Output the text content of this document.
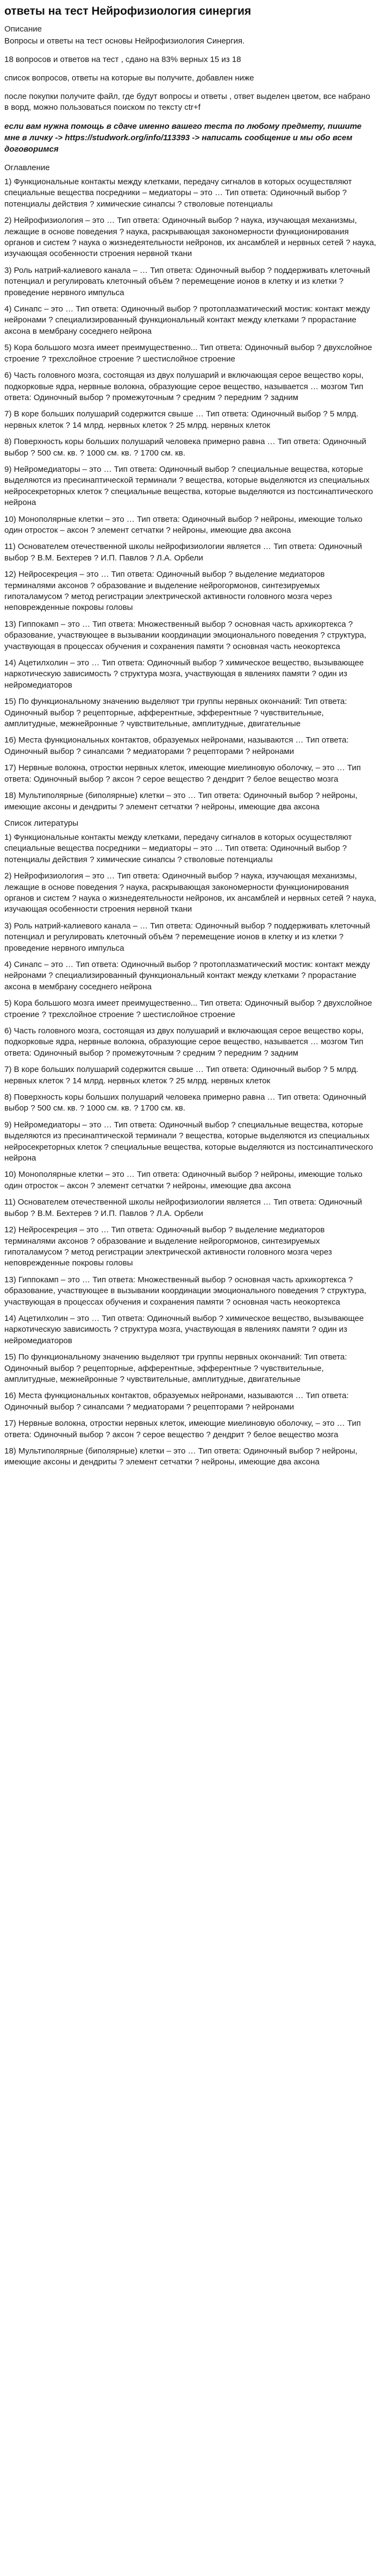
ответы на тест Нейрофизиология синергия
Описание

Вопросы и ответы на тест основы Нейрофизиология Синергия.

18 вопросов и ответов на тест , сдано на 83% верных 15 из 18

список вопросов, ответы на которые вы получите, добавлен ниже

после покупки получите файл, где будут вопросы и ответы , ответ выделен цветом, все набрано в ворд, можно пользоваться поиском по тексту ctr+f

если вам нужна помощь в сдаче именно вашего теста по любому предмету, пишите мне в личку -> https://studwork.org/info/113393 -> написать сообщение и мы обо всем договоримся

Оглавление
1) Функциональные контакты между клетками, передачу сигналов в которых осуществляют специальные вещества посредники – медиаторы – это … Тип ответа: Одиночный выбор ? потенциалы действия ? химические синапсы ? стволовые потенциалы
2) Нейрофизиология – это … Тип ответа: Одиночный выбор ? наука, изучающая механизмы, лежащие в основе поведения ? наука, раскрывающая закономерности функционирования органов и систем ? наука о жизнедеятельности нейронов, их ансамблей и нервных сетей ? наука, изучающая особенности строения нервной ткани
3) Роль натрий-калиевого канала – … Тип ответа: Одиночный выбор ? поддерживать клеточный потенциал и регулировать клеточный объём ? перемещение ионов в клетку и из клетки ? проведение нервного импульса
4) Синапс – это … Тип ответа: Одиночный выбор ? протоплазматический мостик: контакт между нейронами ? специализированный функциональный контакт между клетками ? прорастание аксона в мембрану соседнего нейрона
5) Кора большого мозга имеет преимущественно... Тип ответа: Одиночный выбор ? двухслойное строение ? трехслойное строение ? шестислойное строение
6) Часть головного мозга, состоящая из двух полушарий и включающая серое вещество коры, подкорковые ядра, нервные волокна, образующие серое вещество, называется … мозгом Тип ответа: Одиночный выбор ? промежуточным ? средним ? передним ? задним
7) В коре больших полушарий содержится свыше … Тип ответа: Одиночный выбор ? 5 млрд. нервных клеток ? 14 млрд. нервных клеток ? 25 млрд. нервных клеток
8) Поверхность коры больших полушарий человека примерно равна … Тип ответа: Одиночный выбор ? 500 см. кв. ? 1000 см. кв. ? 1700 см. кв.
9) Нейромедиаторы – это … Тип ответа: Одиночный выбор ? специальные вещества, которые выделяются из пресинаптической терминали ? вещества, которые выделяются из специальных нейросекреторных клеток ? специальные вещества, которые выделяются из постсинаптического нейрона
10) Монополярные клетки – это … Тип ответа: Одиночный выбор ? нейроны, имеющие только один отросток – аксон ? элемент сетчатки ? нейроны, имеющие два аксона
11) Основателем отечественной школы нейрофизиологии является … Тип ответа: Одиночный выбор ? В.М. Бехтерев ? И.П. Павлов ? Л.А. Орбели
12) Нейросекреция – это … Тип ответа: Одиночный выбор ? выделение медиаторов терминалями аксонов ? образование и выделение нейрогормонов, синтезируемых гипоталамусом ? метод регистрации электрической активности головного мозга через неповрежденные покровы головы
13) Гиппокамп – это … Тип ответа: Множественный выбор ? основная часть архикортекса ? образование, участвующее в вызывании координации эмоционального поведения ? структура, участвующая в процессах обучения и сохранения памяти ? основная часть неокортекса
14) Ацетилхолин – это … Тип ответа: Одиночный выбор ? химическое вещество, вызывающее наркотическую зависимость ? структура мозга, участвующая в явлениях памяти ? один из нейромедиаторов
15) По функциональному значению выделяют три группы нервных окончаний: Тип ответа: Одиночный выбор ? рецепторные, афферентные, эфферентные ? чувствительные, амплитудные, межнейронные ? чувствительные, амплитудные, двигательные
16) Места функциональных контактов, образуемых нейронами, называются … Тип ответа: Одиночный выбор ? синапсами ? медиаторами ? рецепторами ? нейронами
17) Нервные волокна, отростки нервных клеток, имеющие миелиновую оболочку, – это … Тип ответа: Одиночный выбор ? аксон ? серое вещество ? дендрит ? белое вещество мозга
18) Мультиполярные (биполярные) клетки – это … Тип ответа: Одиночный выбор ? нейроны, имеющие аксоны и дендриты ? элемент сетчатки ? нейроны, имеющие два аксона
Список литературы
1) Функциональные контакты между клетками, передачу сигналов в которых осуществляют специальные вещества посредники – медиаторы – это … Тип ответа: Одиночный выбор ? потенциалы действия ? химические синапсы ? стволовые потенциалы
2) Нейрофизиология – это … Тип ответа: Одиночный выбор ? наука, изучающая механизмы, лежащие в основе поведения ? наука, раскрывающая закономерности функционирования органов и систем ? наука о жизнедеятельности нейронов, их ансамблей и нервных сетей ? наука, изучающая особенности строения нервной ткани
3) Роль натрий-калиевого канала – … Тип ответа: Одиночный выбор ? поддерживать клеточный потенциал и регулировать клеточный объём ? перемещение ионов в клетку и из клетки ? проведение нервного импульса
4) Синапс – это … Тип ответа: Одиночный выбор ? протоплазматический мостик: контакт между нейронами ? специализированный функциональный контакт между клетками ? прорастание аксона в мембрану соседнего нейрона
5) Кора большого мозга имеет преимущественно... Тип ответа: Одиночный выбор ? двухслойное строение ? трехслойное строение ? шестислойное строение
6) Часть головного мозга, состоящая из двух полушарий и включающая серое вещество коры, подкорковые ядра, нервные волокна, образующие серое вещество, называется … мозгом Тип ответа: Одиночный выбор ? промежуточным ? средним ? передним ? задним
7) В коре больших полушарий содержится свыше … Тип ответа: Одиночный выбор ? 5 млрд. нервных клеток ? 14 млрд. нервных клеток ? 25 млрд. нервных клеток
8) Поверхность коры больших полушарий человека примерно равна … Тип ответа: Одиночный выбор ? 500 см. кв. ? 1000 см. кв. ? 1700 см. кв.
9) Нейромедиаторы – это … Тип ответа: Одиночный выбор ? специальные вещества, которые выделяются из пресинаптической терминали ? вещества, которые выделяются из специальных нейросекреторных клеток ? специальные вещества, которые выделяются из постсинаптического нейрона
10) Монополярные клетки – это … Тип ответа: Одиночный выбор ? нейроны, имеющие только один отросток – аксон ? элемент сетчатки ? нейроны, имеющие два аксона
11) Основателем отечественной школы нейрофизиологии является … Тип ответа: Одиночный выбор ? В.М. Бехтерев ? И.П. Павлов ? Л.А. Орбели
12) Нейросекреция – это … Тип ответа: Одиночный выбор ? выделение медиаторов терминалями аксонов ? образование и выделение нейрогормонов, синтезируемых гипоталамусом ? метод регистрации электрической активности головного мозга через неповрежденные покровы головы
13) Гиппокамп – это … Тип ответа: Множественный выбор ? основная часть архикортекса ? образование, участвующее в вызывании координации эмоционального поведения ? структура, участвующая в процессах обучения и сохранения памяти ? основная часть неокортекса
14) Ацетилхолин – это … Тип ответа: Одиночный выбор ? химическое вещество, вызывающее наркотическую зависимость ? структура мозга, участвующая в явлениях памяти ? один из нейромедиаторов
15) По функциональному значению выделяют три группы нервных окончаний: Тип ответа: Одиночный выбор ? рецепторные, афферентные, эфферентные ? чувствительные, амплитудные, межнейронные ? чувствительные, амплитудные, двигательные
16) Места функциональных контактов, образуемых нейронами, называются … Тип ответа: Одиночный выбор ? синапсами ? медиаторами ? рецепторами ? нейронами
17) Нервные волокна, отростки нервных клеток, имеющие миелиновую оболочку, – это … Тип ответа: Одиночный выбор ? аксон ? серое вещество ? дендрит ? белое вещество мозга
18) Мультиполярные (биполярные) клетки – это … Тип ответа: Одиночный выбор ? нейроны, имеющие аксоны и дендриты ? элемент сетчатки ? нейроны, имеющие два аксона
